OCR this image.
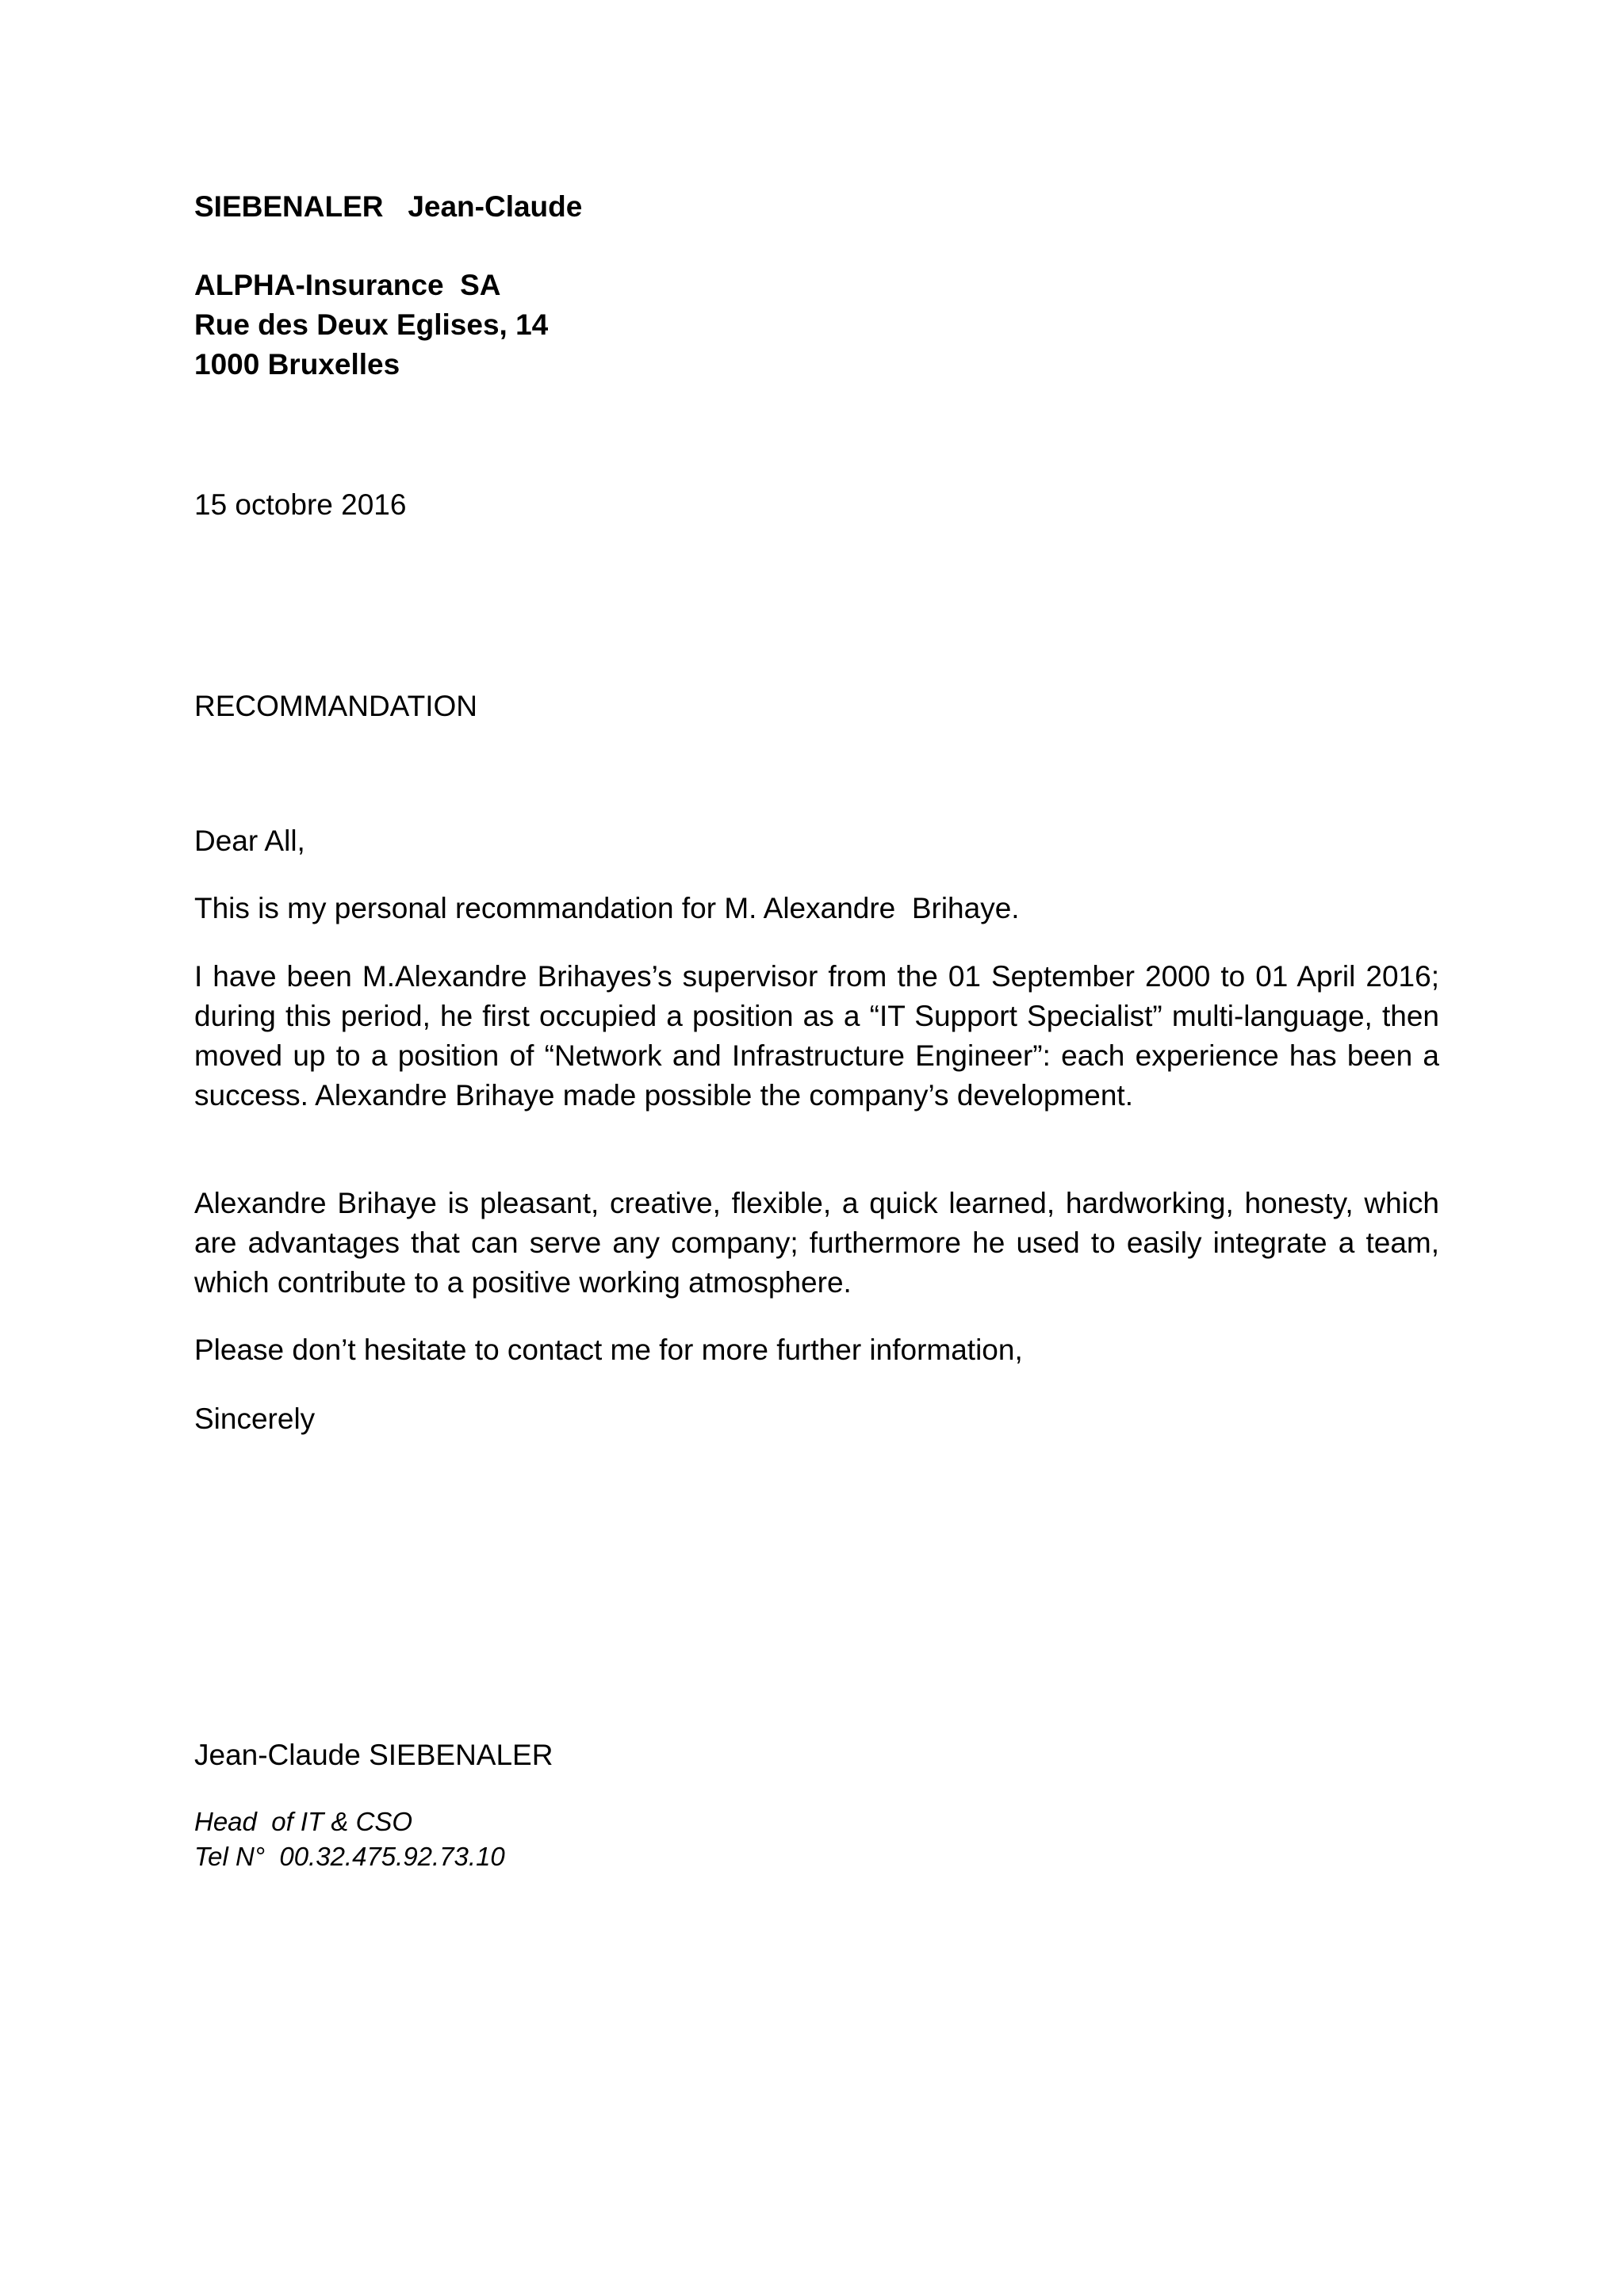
SIEBENALER   Jean-Claude

ALPHA-Insurance  SA
Rue des Deux Eglises, 14
1000 Bruxelles

15 octobre 2016

RECOMMANDATION

Dear All,

This is my personal recommandation for M. Alexandre  Brihaye.

I have been M.Alexandre Brihayes’s supervisor from the 01 September 2000 to 01 April 2016; during this period, he first occupied a position as a “IT Support Specialist” multi-language, then moved up to a position of “Network and Infrastructure Engineer”: each experience has been a success. Alexandre Brihaye made possible the company’s development.

Alexandre Brihaye is pleasant, creative, flexible, a quick learned, hardworking, honesty, which are advantages that can serve any company; furthermore he used to easily integrate a team, which contribute to a positive working atmosphere.

Please don’t hesitate to contact me for more further information,

Sincerely

Jean-Claude SIEBENALER

Head  of IT & CSO
Tel N°  00.32.475.92.73.10
